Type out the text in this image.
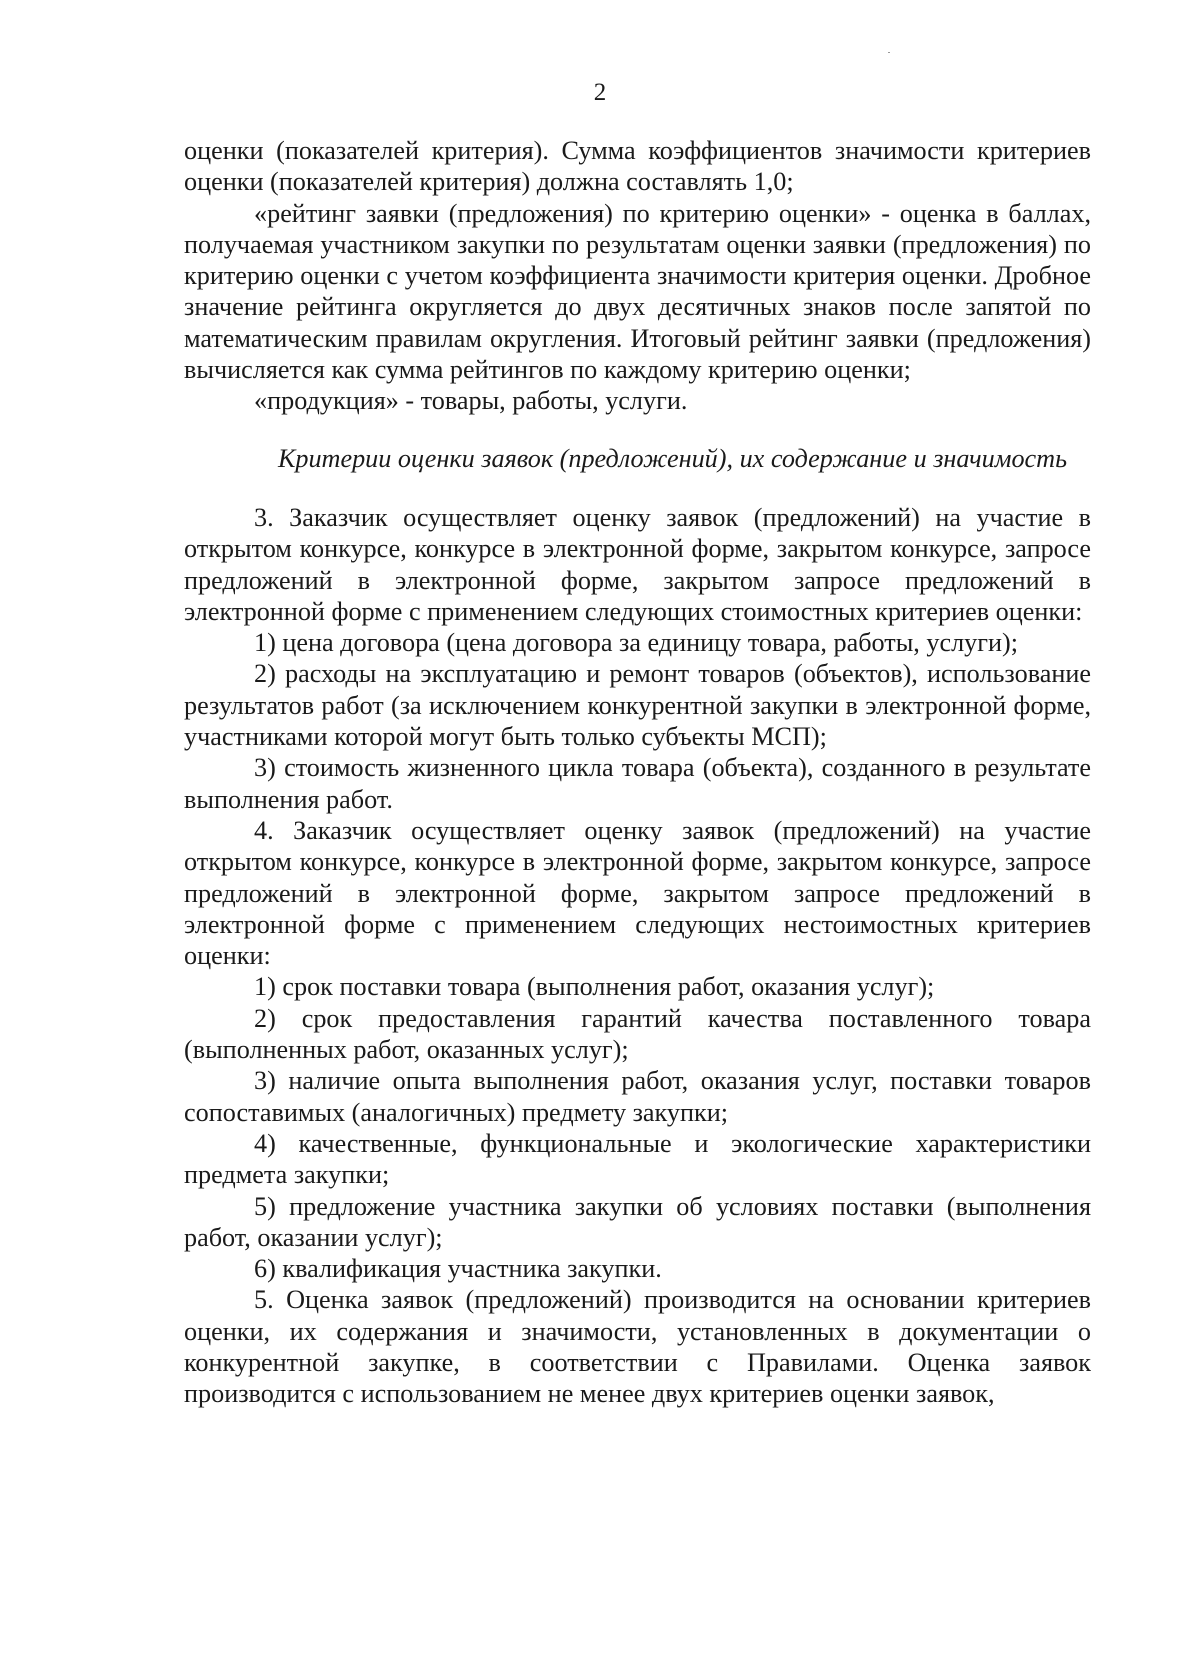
2

оценки (показателей критерия). Сумма коэффициентов значимости критериев оценки (показателей критерия) должна составлять 1,0;

«рейтинг заявки (предложения) по критерию оценки» - оценка в баллах, получаемая участником закупки по результатам оценки заявки (предложения) по критерию оценки с учетом коэффициента значимости критерия оценки. Дробное значение рейтинга округляется до двух десятичных знаков после запятой по математическим правилам округления. Итоговый рейтинг заявки (предложения) вычисляется как сумма рейтингов по каждому критерию оценки;

«продукция» - товары, работы, услуги.

Критерии оценки заявок (предложений), их содержание и значимость

3. Заказчик осуществляет оценку заявок (предложений) на участие в открытом конкурсе, конкурсе в электронной форме, закрытом конкурсе, запросе предложений в электронной форме, закрытом запросе предложений в электронной форме с применением следующих стоимостных критериев оценки:

1) цена договора (цена договора за единицу товара, работы, услуги);

2) расходы на эксплуатацию и ремонт товаров (объектов), использование результатов работ (за исключением конкурентной закупки в электронной форме, участниками которой могут быть только субъекты МСП);

3) стоимость жизненного цикла товара (объекта), созданного в результате выполнения работ.

4. Заказчик осуществляет оценку заявок (предложений) на участие открытом конкурсе, конкурсе в электронной форме, закрытом конкурсе, запросе предложений в электронной форме, закрытом запросе предложений в электронной форме с применением следующих нестоимостных критериев оценки:

1) срок поставки товара (выполнения работ, оказания услуг);

2) срок предоставления гарантий качества поставленного товара (выполненных работ, оказанных услуг);

3) наличие опыта выполнения работ, оказания услуг, поставки товаров сопоставимых (аналогичных) предмету закупки;

4) качественные, функциональные и экологические характеристики предмета закупки;

5) предложение участника закупки об условиях поставки (выполнения работ, оказании услуг);

6) квалификация участника закупки.

5. Оценка заявок (предложений) производится на основании критериев оценки, их содержания и значимости, установленных в документации о конкурентной закупке, в соответствии с Правилами. Оценка заявок производится с использованием не менее двух критериев оценки заявок,
